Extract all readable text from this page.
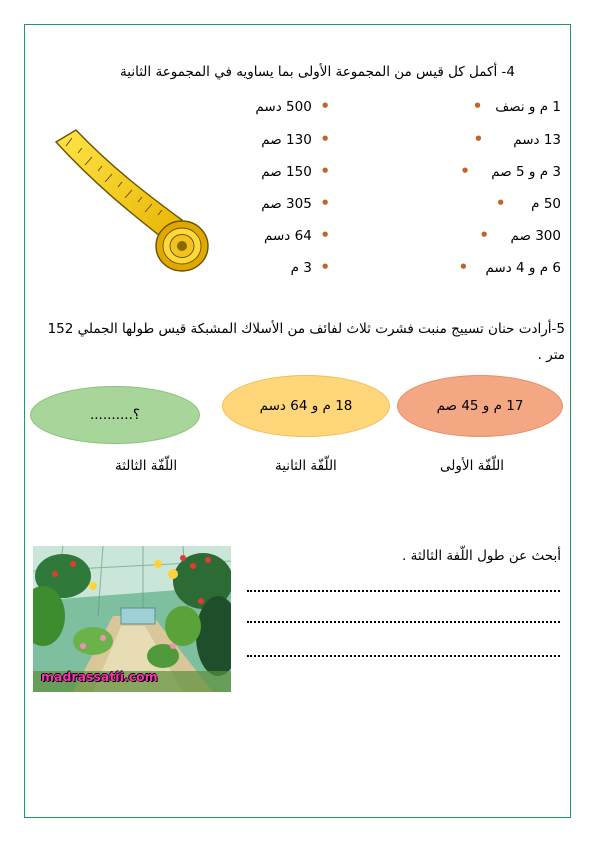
4- أكمل كل قيس من المجموعة الأولى بما يساويه في المجموعة الثانية
•  500 دسم
•  130 صم
•  150 صم
•  305 صم
•  64 دسم
•  3 م
1 م و نصف   •
13 دسم       •
3 م و 5 صم     •
50 م      •
300 صم     •
6 م و 4 دسم    •
5-أرادت حنان تسييج منبت فشرت ثلاث لفائف من الأسلاك المشبكة قيس طولها الجملي 152 متر .
؟..........
18 م و 64 دسم	17 م و 45 صم
اللّفّة الثالثة	اللّفّة الثانية	اللّفّة الأولى
madrassatii.com
أبحث عن طول اللّفة الثالثة .
